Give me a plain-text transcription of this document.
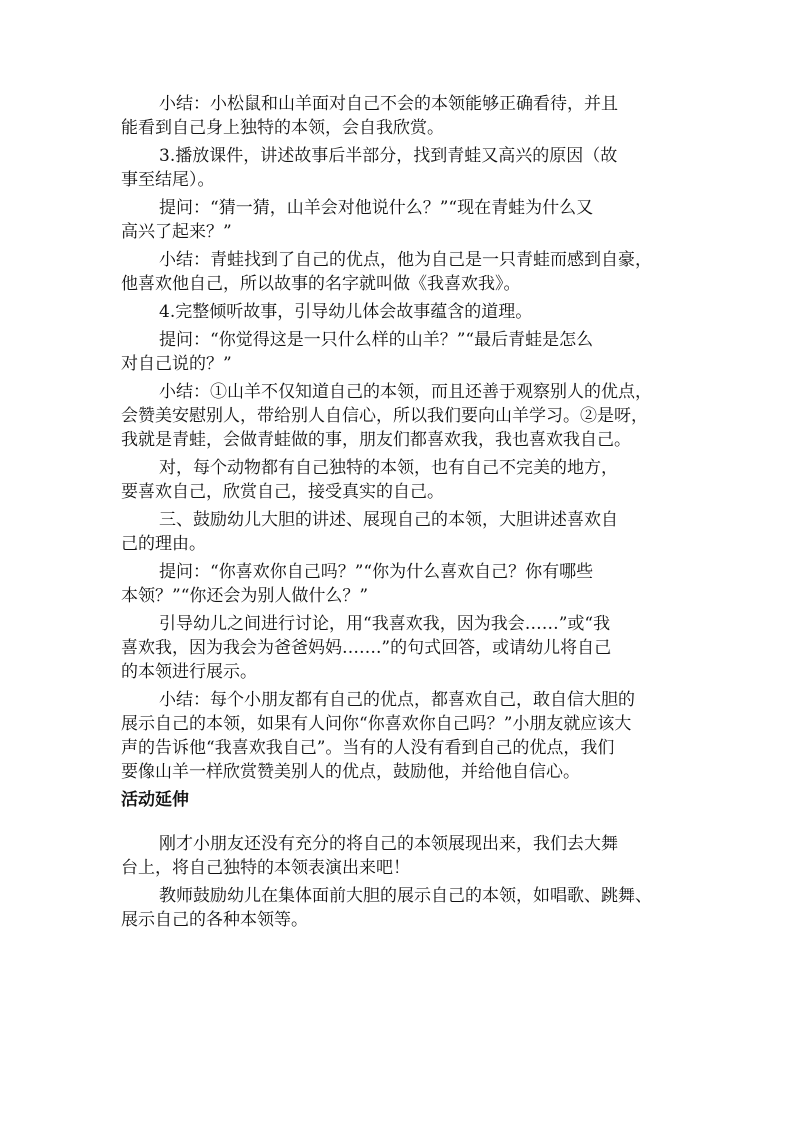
小结：小松鼠和山羊面对自己不会的本领能够正确看待，并且
能看到自己身上独特的本领，会自我欣赏。

3.播放课件，讲述故事后半部分，找到青蛙又高兴的原因（故
事至结尾）。

提问：“猜一猜，山羊会对他说什么？”“现在青蛙为什么又
高兴了起来？”

小结：青蛙找到了自己的优点，他为自己是一只青蛙而感到自豪，
他喜欢他自己，所以故事的名字就叫做《我喜欢我》。

4.完整倾听故事，引导幼儿体会故事蕴含的道理。

提问：“你觉得这是一只什么样的山羊？”“最后青蛙是怎么
对自己说的？”

小结：①山羊不仅知道自己的本领，而且还善于观察别人的优点，
会赞美安慰别人，带给别人自信心，所以我们要向山羊学习。②是呀，
我就是青蛙，会做青蛙做的事，朋友们都喜欢我，我也喜欢我自己。

对，每个动物都有自己独特的本领，也有自己不完美的地方，
要喜欢自己，欣赏自己，接受真实的自己。

三、鼓励幼儿大胆的讲述、展现自己的本领，大胆讲述喜欢自
己的理由。

提问：“你喜欢你自己吗？”“你为什么喜欢自己？你有哪些
本领？”“你还会为别人做什么？”

引导幼儿之间进行讨论，用“我喜欢我，因为我会……”或“我
喜欢我，因为我会为爸爸妈妈…….”的句式回答，或请幼儿将自己
的本领进行展示。

小结：每个小朋友都有自己的优点，都喜欢自己，敢自信大胆的
展示自己的本领，如果有人问你“你喜欢你自己吗？”小朋友就应该大
声的告诉他“我喜欢我自己”。当有的人没有看到自己的优点，我们
要像山羊一样欣赏赞美别人的优点，鼓励他，并给他自信心。

活动延伸

刚才小朋友还没有充分的将自己的本领展现出来，我们去大舞
台上，将自己独特的本领表演出来吧！

教师鼓励幼儿在集体面前大胆的展示自己的本领，如唱歌、跳舞、
展示自己的各种本领等。
